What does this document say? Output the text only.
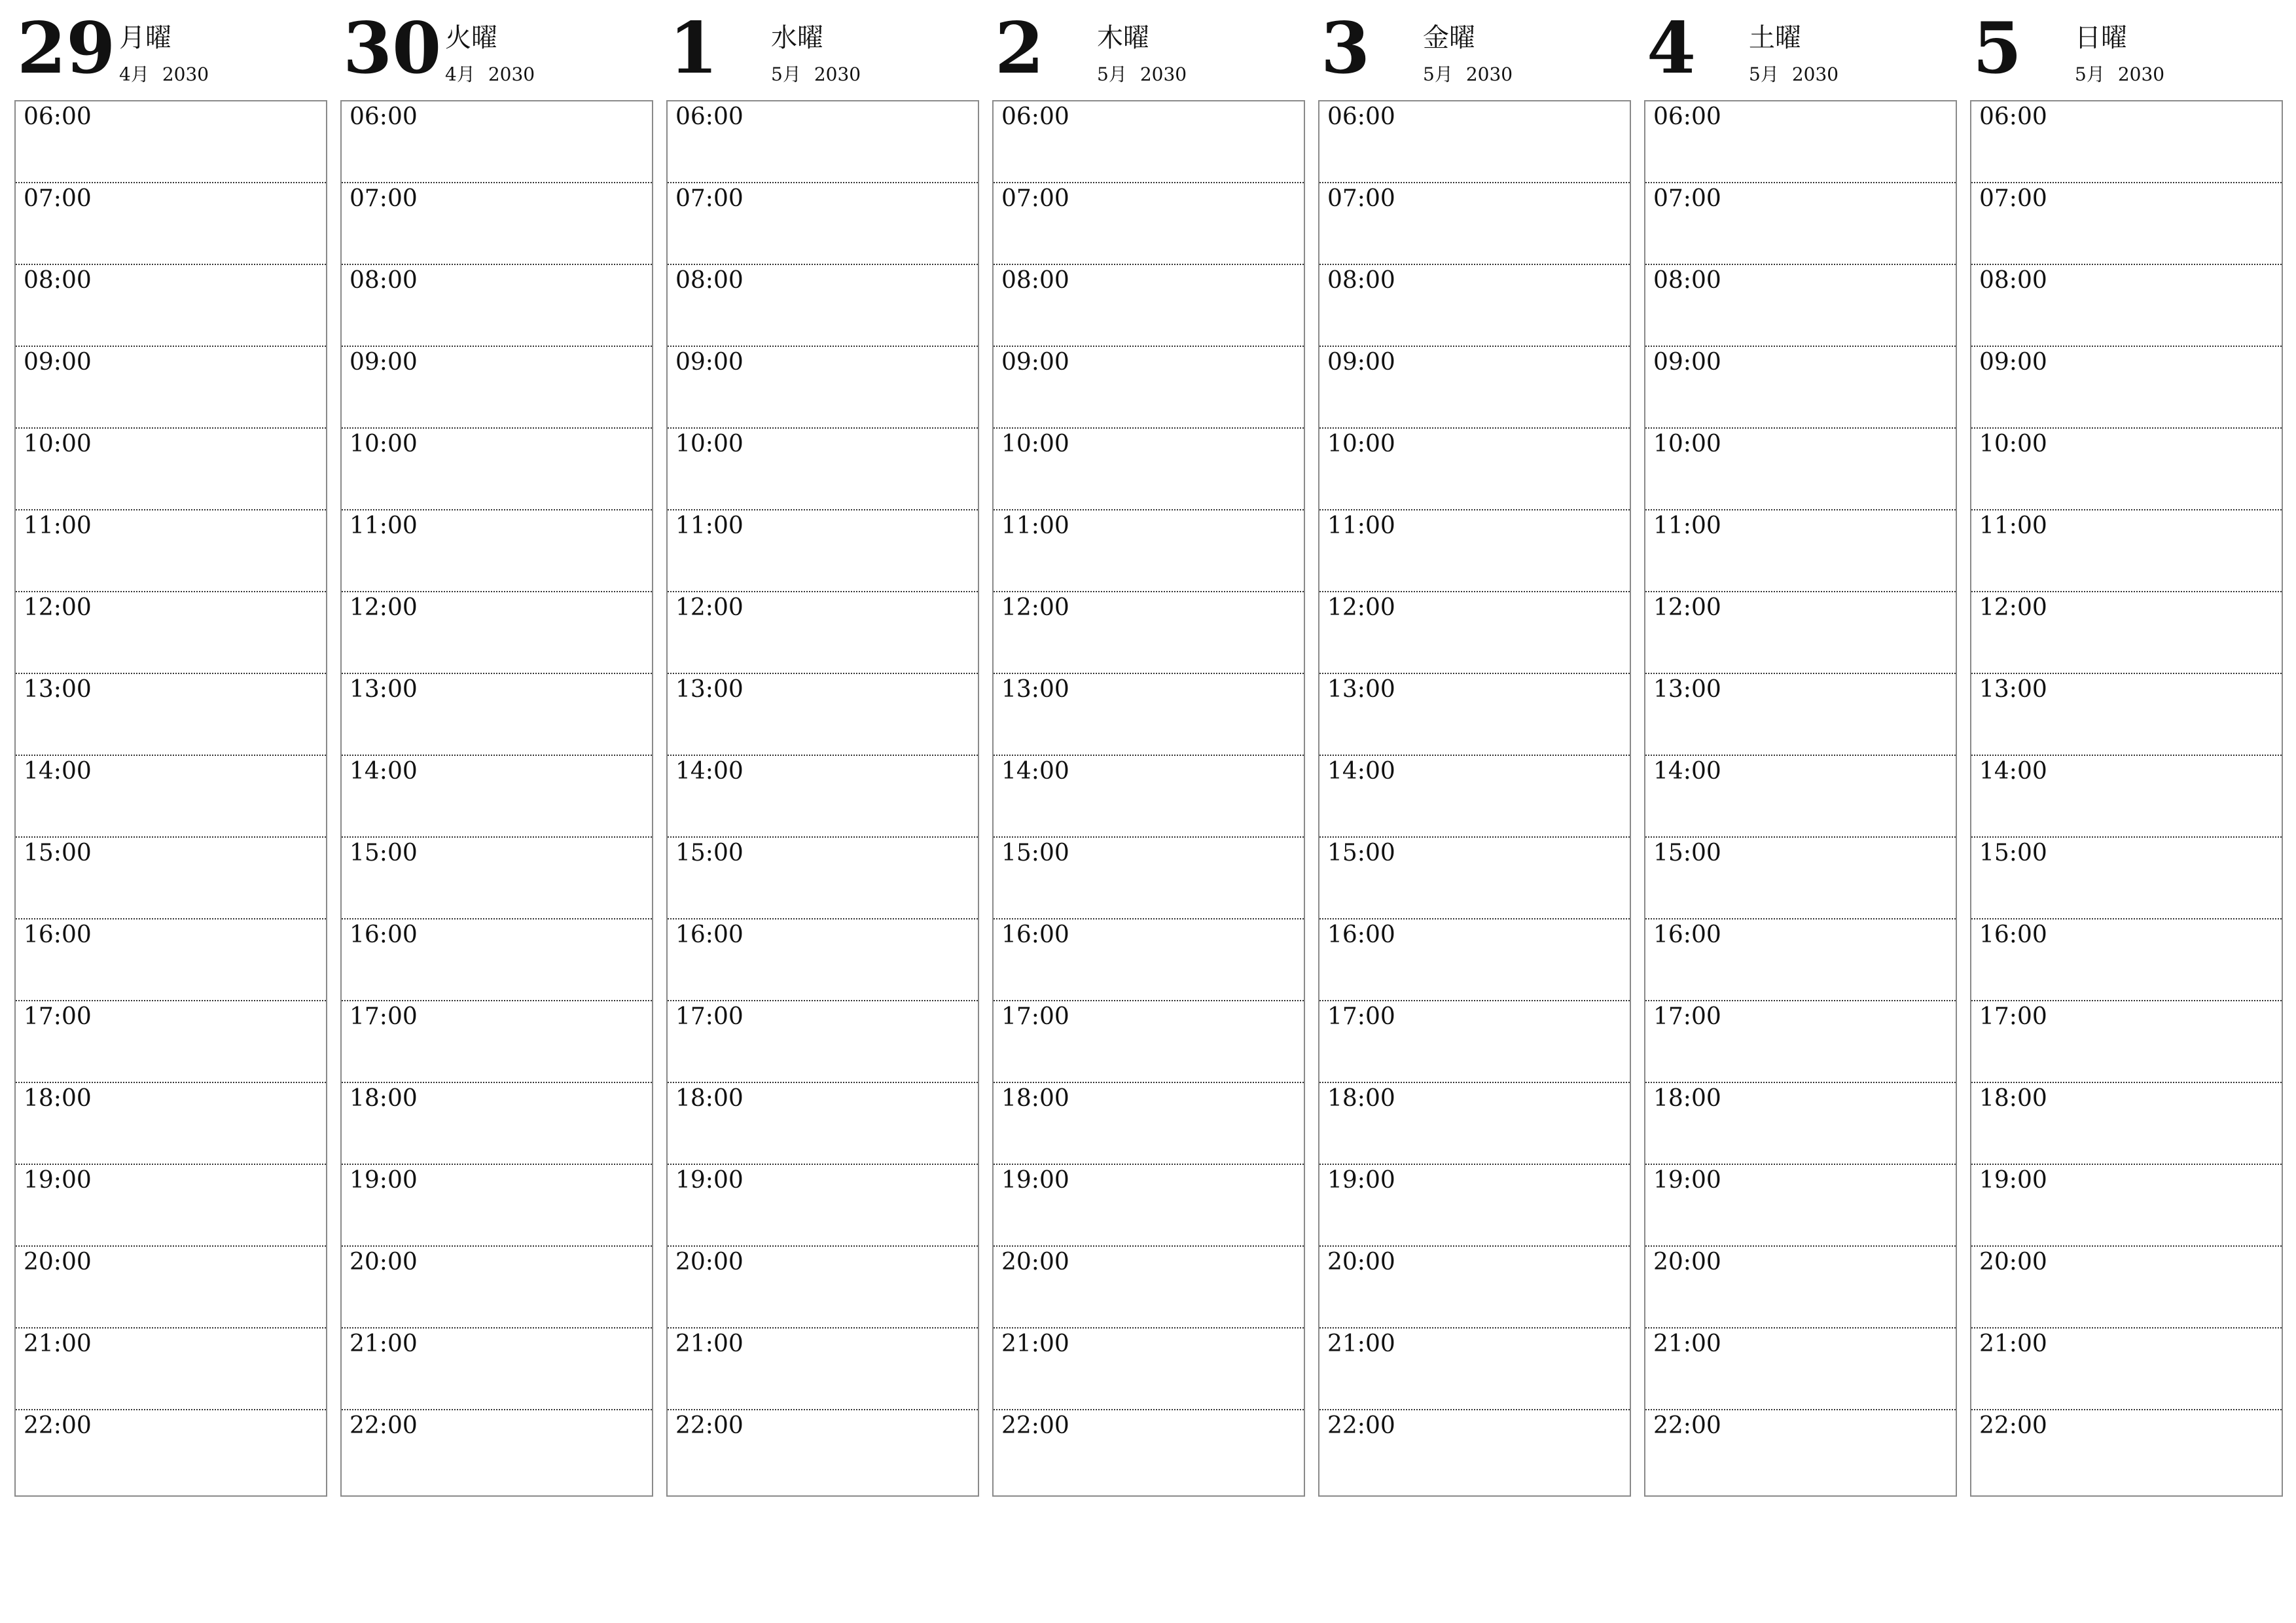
29 月曜
4月 2030
06:00
07:00
08:00
09:00
10:00
11:00
12:00
13:00
14:00
15:00
16:00
17:00
18:00
19:00
20:00
21:00
22:00
30 火曜
4月 2030
06:00
07:00
08:00
09:00
10:00
11:00
12:00
13:00
14:00
15:00
16:00
17:00
18:00
19:00
20:00
21:00
22:00
1 水曜
5月 2030
06:00
07:00
08:00
09:00
10:00
11:00
12:00
13:00
14:00
15:00
16:00
17:00
18:00
19:00
20:00
21:00
22:00
2 木曜
5月 2030
06:00
07:00
08:00
09:00
10:00
11:00
12:00
13:00
14:00
15:00
16:00
17:00
18:00
19:00
20:00
21:00
22:00
3 金曜
5月 2030
06:00
07:00
08:00
09:00
10:00
11:00
12:00
13:00
14:00
15:00
16:00
17:00
18:00
19:00
20:00
21:00
22:00
4 土曜
5月 2030
06:00
07:00
08:00
09:00
10:00
11:00
12:00
13:00
14:00
15:00
16:00
17:00
18:00
19:00
20:00
21:00
22:00
5 日曜
5月 2030
06:00
07:00
08:00
09:00
10:00
11:00
12:00
13:00
14:00
15:00
16:00
17:00
18:00
19:00
20:00
21:00
22:00
